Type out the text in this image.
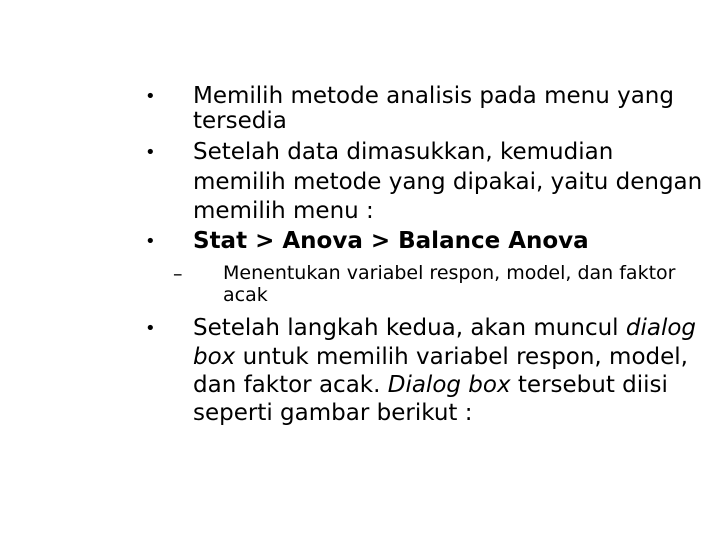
• Memilih metode analisis pada menu yang
tersedia
• Setelah data dimasukkan, kemudian
memilih metode yang dipakai, yaitu dengan
memilih menu :
• Stat > Anova > Balance Anova
– Menentukan variabel respon, model, dan faktor
acak
• Setelah langkah kedua, akan muncul dialog
box untuk memilih variabel respon, model,
dan faktor acak. Dialog box tersebut diisi
seperti gambar berikut :
